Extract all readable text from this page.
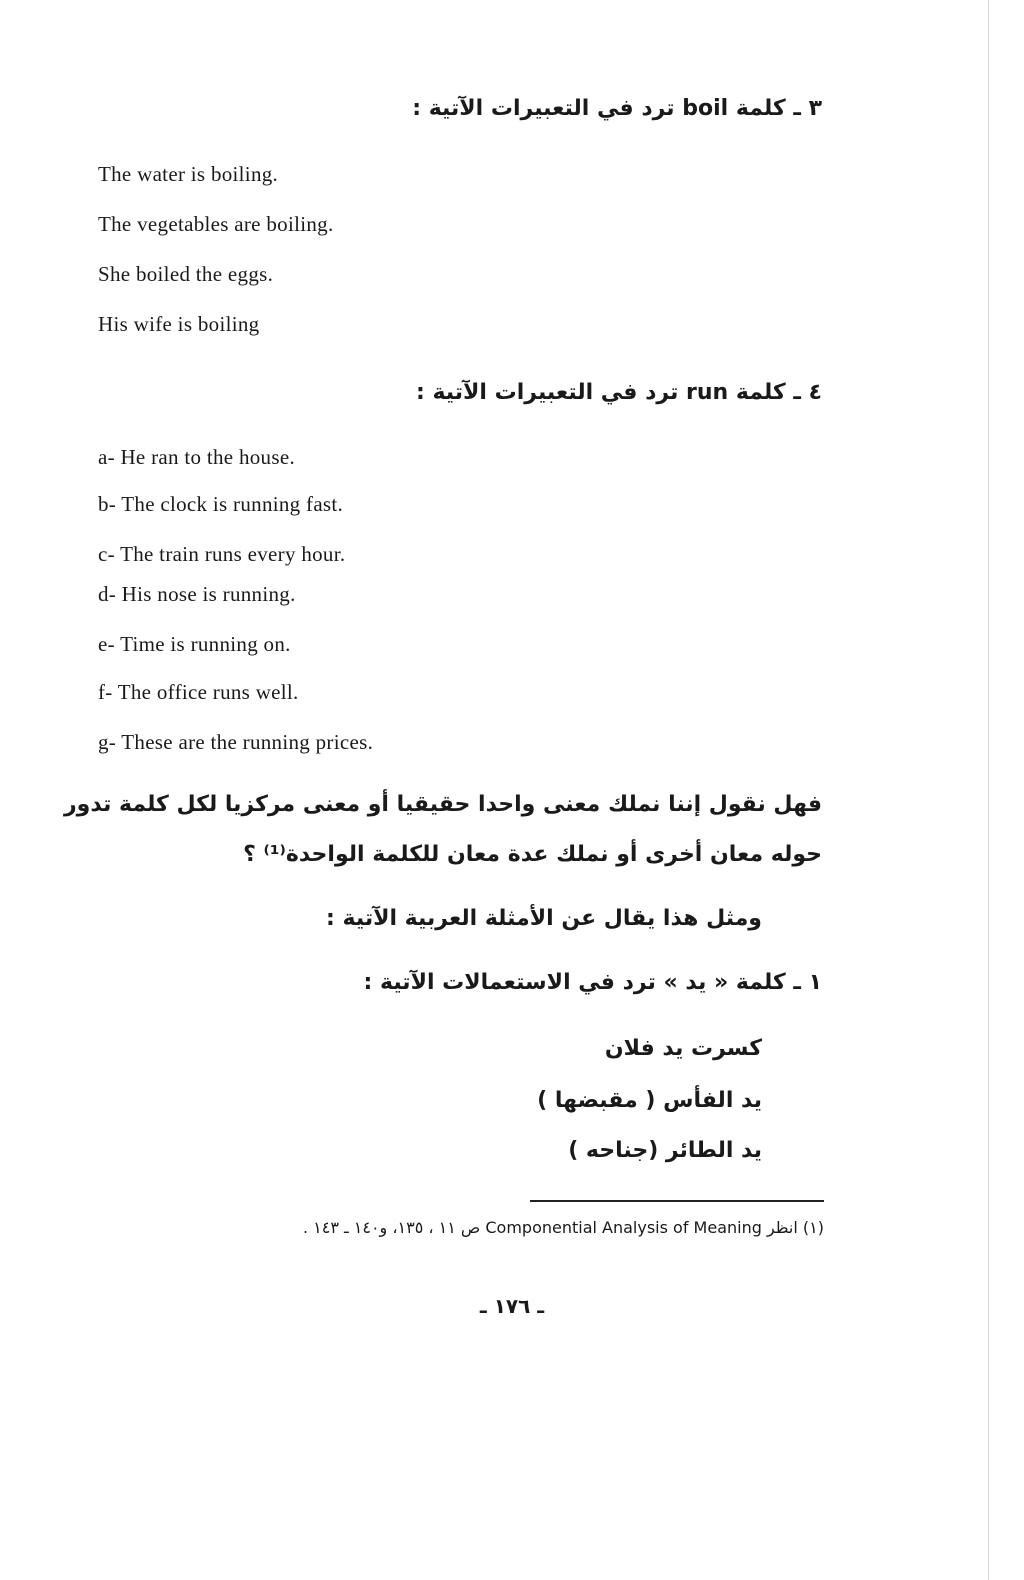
٣ ـ كلمة boil ترد في التعبيرات الآتية :
The water is boiling.
The vegetables are boiling.
She boiled the eggs.
His wife is boiling
٤ ـ كلمة run ترد في التعبيرات الآتية :
a- He ran to the house.
b- The clock is running fast.
c- The train runs every hour.
d- His nose is running.
e- Time is running on.
f- The office runs well.
g- These are the running prices.
فهل نقول إننا نملك معنى واحدا حقيقيا أو معنى مركزيا لكل كلمة تدور
حوله معان أخرى أو نملك عدة معان للكلمة الواحدة⁽¹⁾ ؟
ومثل هذا يقال عن الأمثلة العربية الآتية :
١ ـ كلمة « يد » ترد في الاستعمالات الآتية :
كسرت يد فلان
يد الفأس ( مقبضها )
يد الطائر (جناحه )
(١) انظر Componential Analysis of Meaning ص ١١ ، ١٣٥، و١٤٠ ـ ١٤٣ .
ـ ١٧٦ ـ
